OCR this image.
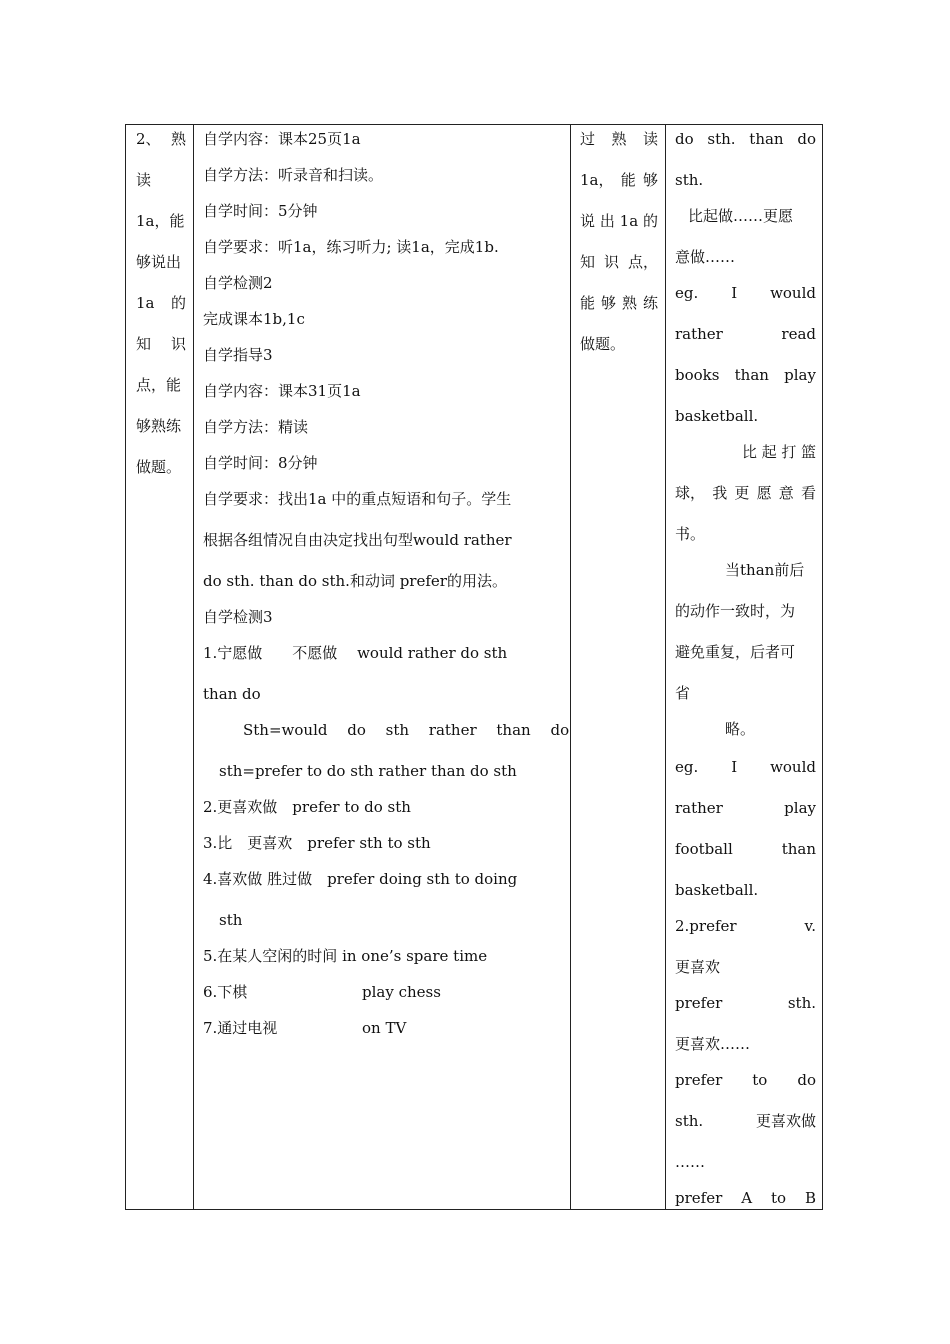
2、 熟
读
1a，能
够说出
1a 的
知 识
点，能
够熟练
做题。
自学内容：课本25页1a
自学方法：听录音和扫读。
自学时间：5分钟
自学要求：听1a，练习听力; 读1a，完成1b.
自学检测2
完成课本1b,1c
自学指导3
自学内容：课本31页1a
自学方法：精读
自学时间：8分钟
自学要求：找出1a 中的重点短语和句子。学生
根据各组情况自由决定找出句型would rather
do sth. than do sth.和动词 prefer的用法。
自学检测3
1.宁愿做　　不愿做　 would rather do sth
than do
Sth=would　 do　 sth　 rather　 than　 do
sth=prefer to do sth rather than do sth
2.更喜欢做　prefer to do sth
3.比　更喜欢　prefer sth to sth
4.喜欢做 胜过做　prefer doing sth to doing
sth
5.在某人空闲的时间 in one’s spare time
6.下棋	play chess
7.通过电视	on TV
过 熟 读
1a， 能 够
说 出 1a 的
知 识 点，
能 够 熟 练
做题。
do sth. than do
sth.
比起做……更愿
意做……
eg. I would
rather	read
books than play
basketball.
比 起 打 篮
球， 我 更 愿 意 看
书。
当than前后
的动作一致时，为
避免重复，后者可
省
略。
eg. I would
rather	play
football	than
basketball.
2.prefer	v.
更喜欢
prefer	sth.
更喜欢……
prefer to do
sth.	更喜欢做
……
prefer A to B
